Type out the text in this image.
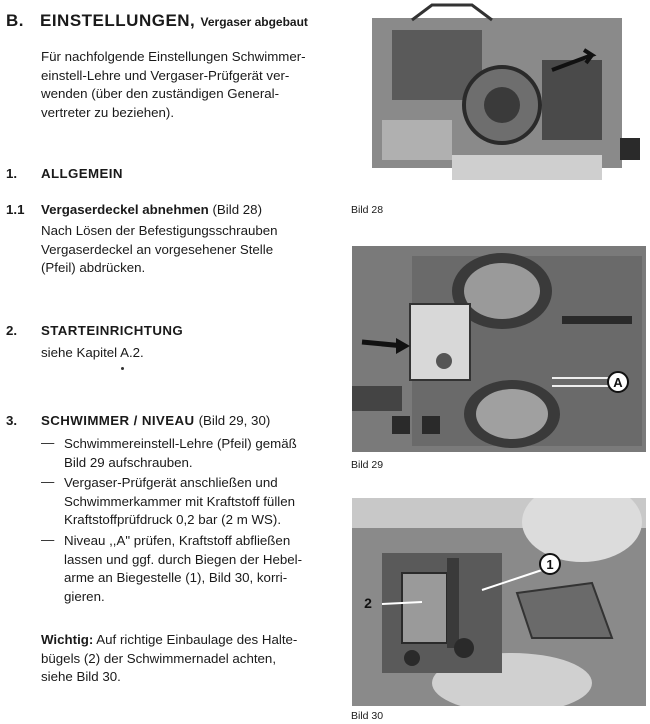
B. EINSTELLUNGEN, Vergaser abgebaut
Für nachfolgende Einstellungen Schwimmer-
einstell-Lehre und Vergaser-Prüfgerät ver-
wenden (über den zuständigen General-
vertreter zu beziehen).
1. ALLGEMEIN
1.1 Vergaserdeckel abnehmen (Bild 28)
Nach Lösen der Befestigungsschrauben
Vergaserdeckel an vorgesehener Stelle
(Pfeil) abdrücken.
2. STARTEINRICHTUNG
siehe Kapitel A.2.
3. SCHWIMMER / NIVEAU (Bild 29, 30)
— Schwimmereinstell-Lehre (Pfeil) gemäß
Bild 29 aufschrauben.
— Vergaser-Prüfgerät anschließen und
Schwimmerkammer mit Kraftstoff füllen
Kraftstoffprüfdruck 0,2 bar (2 m WS).
— Niveau ,,A" prüfen, Kraftstoff abfließen
lassen und ggf. durch Biegen der Hebel-
arme an Biegestelle (1), Bild 30, korri-
gieren.
Wichtig: Auf richtige Einbaulage des Halte-
bügels (2) der Schwimmernadel achten,
siehe Bild 30.
Bild 28
A
Bild 29
1
2
Bild 30
